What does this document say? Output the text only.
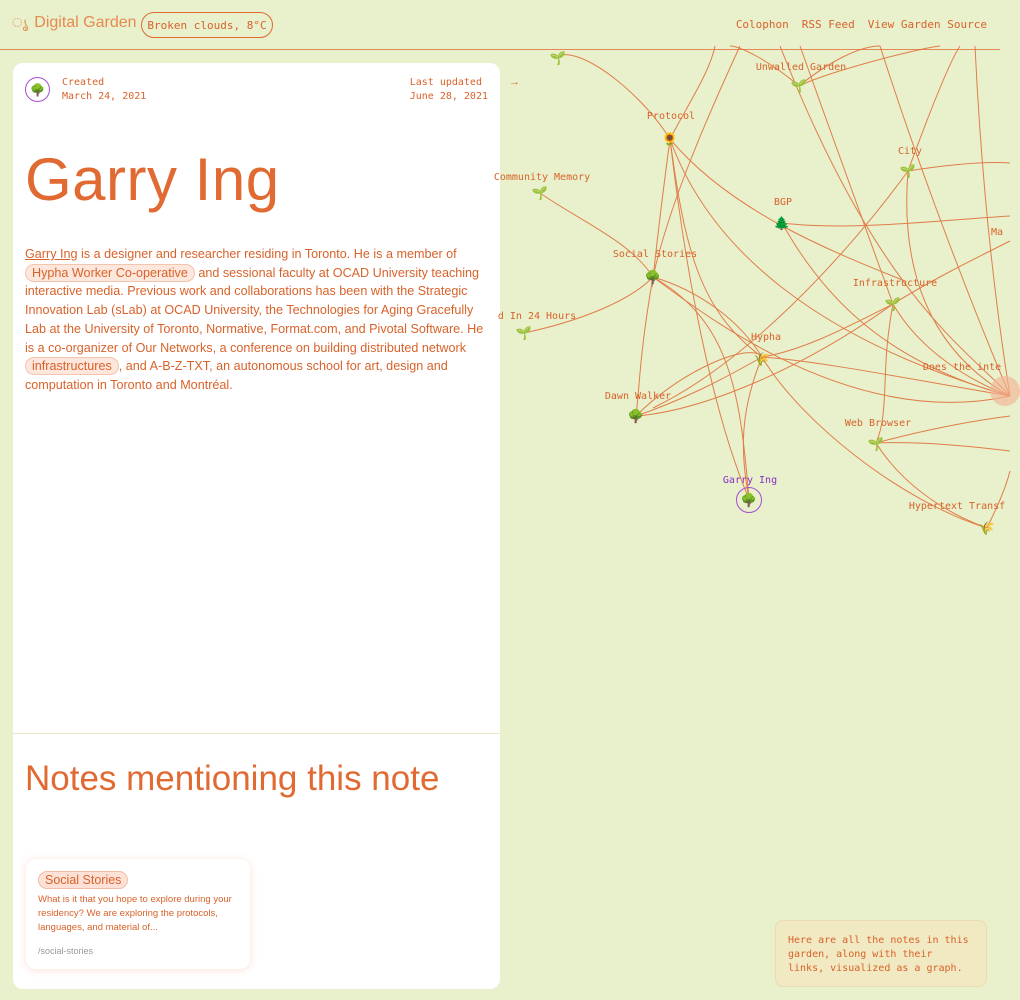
ൃ Digital Garden Broken clouds, 8°C	Colophon RSS Feed View Garden Source
🌳	Created
March 24, 2021
Last updated
June 28, 2021
Garry Ing

Garry Ing is a designer and researcher residing in Toronto. He is a member of Hypha Worker Co-operative and sessional faculty at OCAD University teaching interactive media. Previous work and collaborations has been with the Strategic Innovation Lab (sLab) at OCAD University, the Technologies for Aging Gracefully Lab at the University of Toronto, Normative, Format.com, and Pivotal Software. He is a co-organizer of Our Networks, a conference on building distributed network infrastructures , and A-B-Z-TXT, an autonomous school for art, design and computation in Toronto and Montréal.

Notes mentioning this note
Social Stories

What is it that you hope to explore during your residency? We are exploring the protocols, languages, and material of...

/social-stories
→
🌱
Unwalled Garden
🌱
Protocol
🌻
City
🌱
Community Memory
🌱
BGP
🌲
Ma
Social Stories
🌳	Infrastructure
🌱
d In 24 Hours
🌱	Hypha
🌾
Does the inte
Dawn Walker
🌳	Web Browser
🌱
Garry Ing
🌳	Hypertext Transf
🌾
Here are all the notes in this garden, along with their links, visualized as a graph.
